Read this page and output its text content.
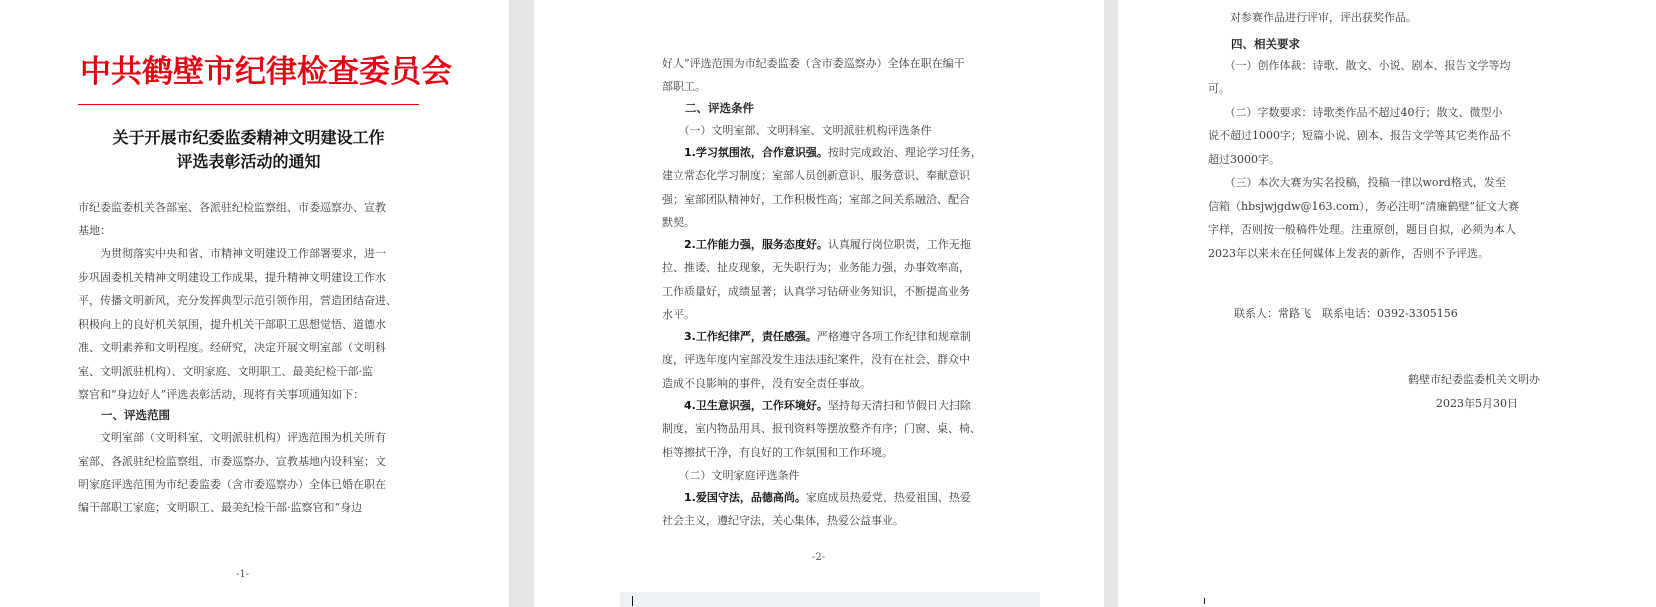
中共鹤壁市纪律检查委员会
关于开展市纪委监委精神文明建设工作
评选表彰活动的通知
市纪委监委机关各部室、各派驻纪检监察组、市委巡察办、宣教
基地：
　　为贯彻落实中央和省、市精神文明建设工作部署要求，进一
步巩固委机关精神文明建设工作成果，提升精神文明建设工作水
平，传播文明新风，充分发挥典型示范引领作用，营造团结奋进、
积极向上的良好机关氛围，提升机关干部职工思想觉悟、道德水
准、文明素养和文明程度。经研究，决定开展文明室部（文明科
室、文明派驻机构）、文明家庭、文明职工、最美纪检干部·监
察官和“身边好人”评选表彰活动，现将有关事项通知如下：
　　一、评选范围
　　文明室部（文明科室、文明派驻机构）评选范围为机关所有
室部、各派驻纪检监察组、市委巡察办、宣教基地内设科室；文
明家庭评选范围为市纪委监委（含市委巡察办）全体已婚在职在
编干部职工家庭；文明职工、最美纪检干部·监察官和“身边
-1-
好人”评选范围为市纪委监委（含市委巡察办）全体在职在编干
部职工。
　　二、评选条件
　　（一）文明室部、文明科室、文明派驻机构评选条件
　　1.学习氛围浓，合作意识强。按时完成政治、理论学习任务，
建立常态化学习制度；室部人员创新意识、服务意识、奉献意识
强；室部团队精神好，工作积极性高；室部之间关系融洽、配合
默契。
　　2.工作能力强，服务态度好。认真履行岗位职责，工作无拖
拉、推诿、扯皮现象，无失职行为；业务能力强，办事效率高，
工作质量好，成绩显著；认真学习钻研业务知识，不断提高业务
水平。
　　3.工作纪律严，责任感强。严格遵守各项工作纪律和规章制
度，评选年度内室部没发生违法违纪案件，没有在社会、群众中
造成不良影响的事件，没有安全责任事故。
　　4.卫生意识强，工作环境好。坚持每天清扫和节假日大扫除
制度，室内物品用具、报刊资料等摆放整齐有序；门窗、桌、椅、
柜等擦拭干净，有良好的工作氛围和工作环境。
　　（二）文明家庭评选条件
　　1.爱国守法，品德高尚。家庭成员热爱党、热爱祖国、热爱
社会主义，遵纪守法，关心集体，热爱公益事业。
-2-
　　对参赛作品进行评审，评出获奖作品。
　　四、相关要求
　　（一）创作体裁：诗歌、散文、小说、剧本、报告文学等均
可。
　　（二）字数要求：诗歌类作品不超过40行；散文、微型小
说不超过1000字；短篇小说、剧本、报告文学等其它类作品不
超过3000字。
　　（三）本次大赛为实名投稿，投稿一律以word格式，发至
信箱（hbsjwjgdw@163.com），务必注明“清廉鹤壁”征文大赛
字样，否则按一般稿件处理。注重原创，题目自拟，必须为本人
2023年以来未在任何媒体上发表的新作，否则不予评选。
联系人：常路飞　联系电话：0392-3305156
鹤壁市纪委监委机关文明办
2023年5月30日
